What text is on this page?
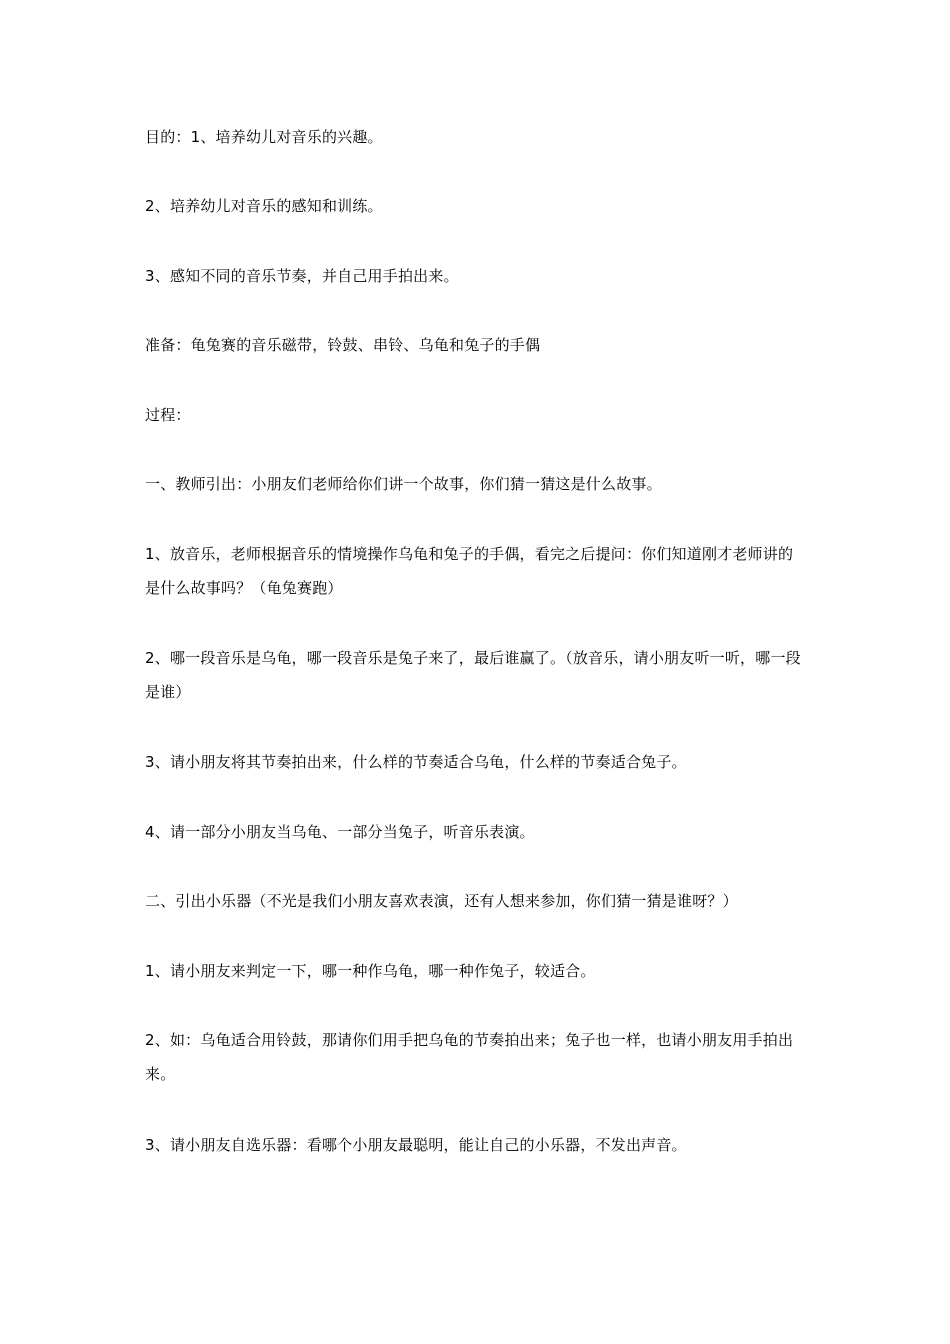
目的：1、培养幼儿对音乐的兴趣。

2、培养幼儿对音乐的感知和训练。

3、感知不同的音乐节奏，并自己用手拍出来。

准备：龟兔赛的音乐磁带，铃鼓、串铃、乌龟和兔子的手偶

过程：

一、教师引出：小朋友们老师给你们讲一个故事，你们猜一猜这是什么故事。

1、放音乐，老师根据音乐的情境操作乌龟和兔子的手偶，看完之后提问：你们知道刚才老师讲的是什么故事吗？（龟兔赛跑）

2、哪一段音乐是乌龟，哪一段音乐是兔子来了，最后谁赢了。（放音乐，请小朋友听一听，哪一段是谁）

3、请小朋友将其节奏拍出来，什么样的节奏适合乌龟，什么样的节奏适合兔子。

4、请一部分小朋友当乌龟、一部分当兔子，听音乐表演。

二、引出小乐器（不光是我们小朋友喜欢表演，还有人想来参加，你们猜一猜是谁呀？）

1、请小朋友来判定一下，哪一种作乌龟，哪一种作兔子，较适合。

2、如：乌龟适合用铃鼓，那请你们用手把乌龟的节奏拍出来；兔子也一样，也请小朋友用手拍出来。

3、请小朋友自选乐器：看哪个小朋友最聪明，能让自己的小乐器，不发出声音。
